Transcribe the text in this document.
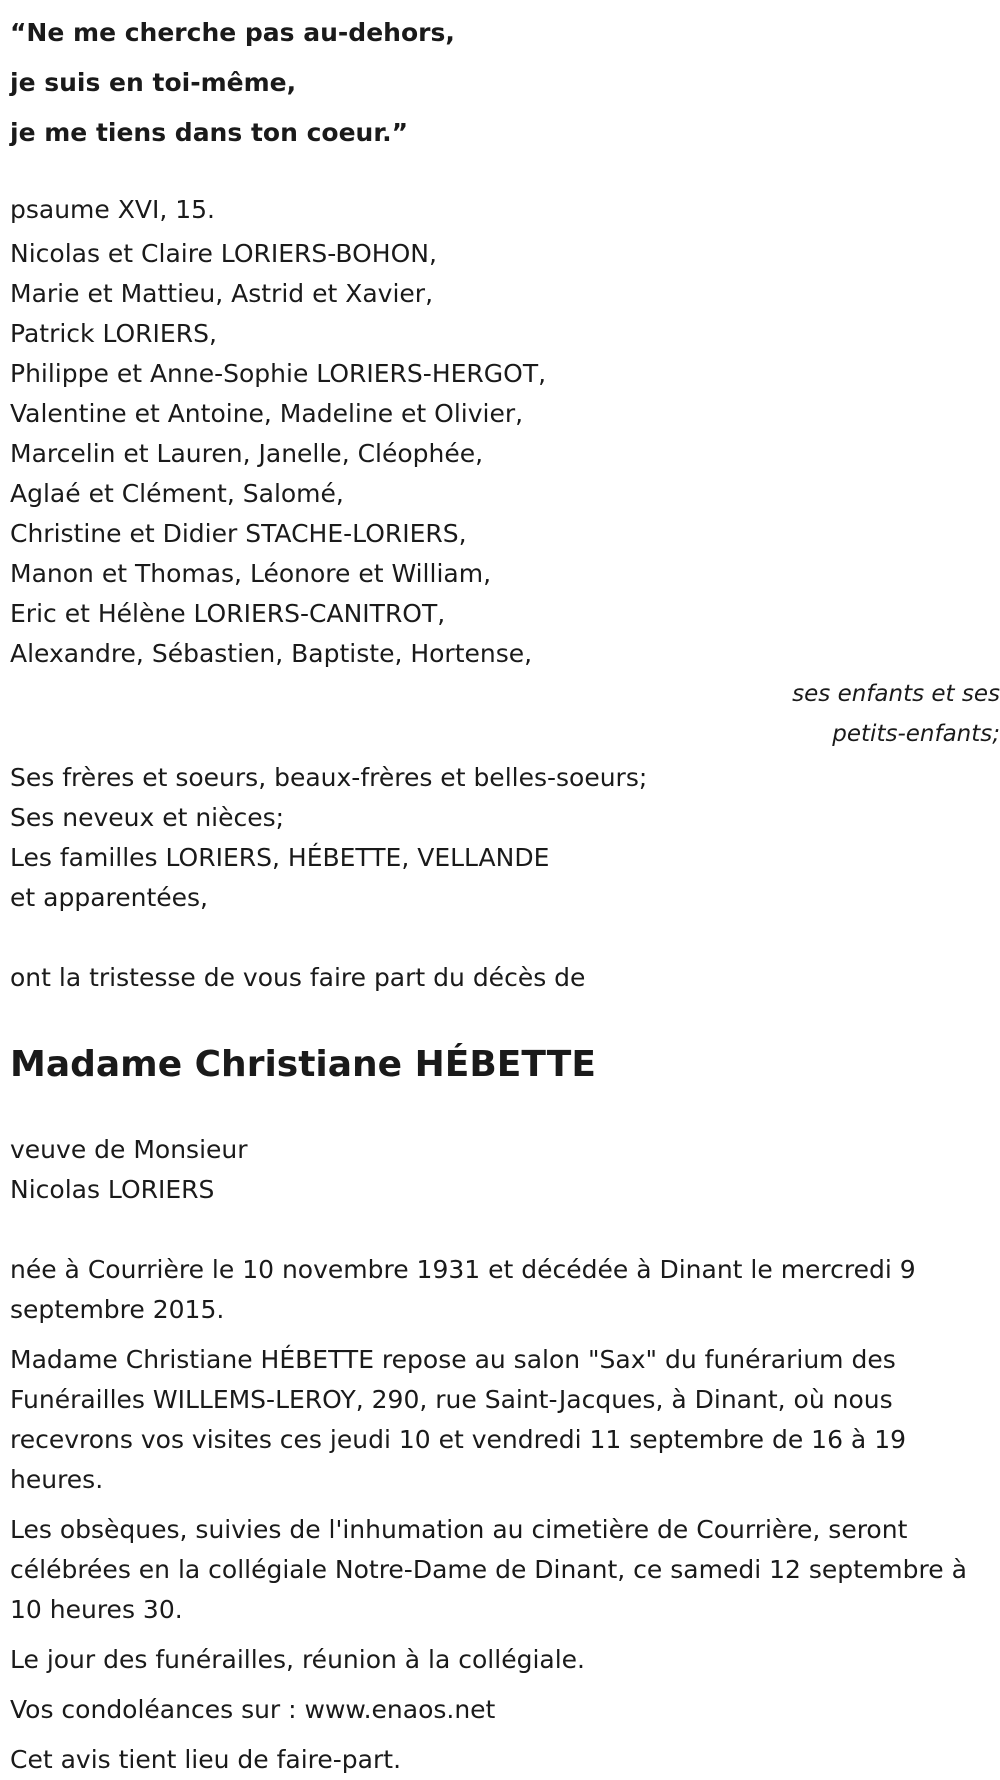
“Ne me cherche pas au-dehors,
je suis en toi-même,
je me tiens dans ton coeur.”
psaume XVI, 15.
Nicolas et Claire LORIERS-BOHON,
Marie et Mattieu, Astrid et Xavier,
Patrick LORIERS,
Philippe et Anne-Sophie LORIERS-HERGOT,
Valentine et Antoine, Madeline et Olivier,
Marcelin et Lauren, Janelle, Cléophée,
Aglaé et Clément, Salomé,
Christine et Didier STACHE-LORIERS,
Manon et Thomas, Léonore et William,
Eric et Hélène LORIERS-CANITROT,
Alexandre, Sébastien, Baptiste, Hortense,
ses enfants et ses
petits-enfants;
Ses frères et soeurs, beaux-frères et belles-soeurs;
Ses neveux et nièces;
Les familles LORIERS, HÉBETTE, VELLANDE
et apparentées,
ont la tristesse de vous faire part du décès de
Madame Christiane HÉBETTE
veuve de Monsieur
Nicolas LORIERS
née à Courrière le 10 novembre 1931 et décédée à Dinant le mercredi 9 septembre 2015.
Madame Christiane HÉBETTE repose au salon "Sax" du funérarium des Funérailles WILLEMS-LEROY, 290, rue Saint-Jacques, à Dinant, où nous recevrons vos visites ces jeudi 10 et vendredi 11 septembre de 16 à 19 heures.
Les obsèques, suivies de l'inhumation au cimetière de Courrière, seront célébrées en la collégiale Notre-Dame de Dinant, ce samedi 12 septembre à 10 heures 30.
Le jour des funérailles, réunion à la collégiale.
Vos condoléances sur : www.enaos.net
Cet avis tient lieu de faire-part.
